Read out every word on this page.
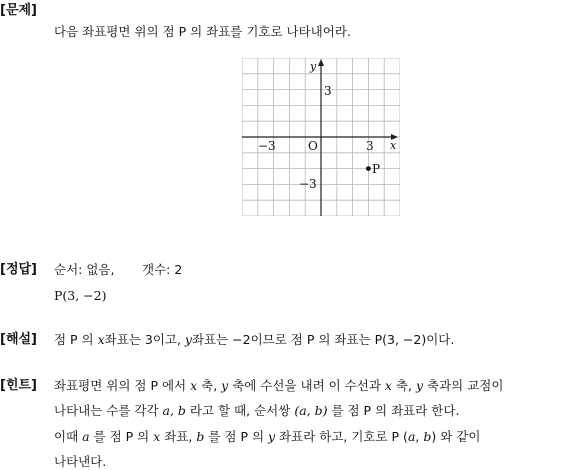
[문제]
다음 좌표평면 위의 점 P 의 좌표를 기호로 나타내어라.
y
x
3
−3	O	3
−3
P
[정답] 순서: 없음, 갯수: 2
P(3, −2)
[해설] 점 P 의 x좌표는 3이고, y좌표는 −2이므로 점 P 의 좌표는 P(3, −2)이다.
[힌트] 좌표평면 위의 점 P 에서 x 축, y 축에 수선을 내려 이 수선과 x 축, y 축과의 교점이
나타내는 수를 각각 a, b 라고 할 때, 순서쌍 (a, b) 를 점 P 의 좌표라 한다.
이때 a 를 점 P 의 x 좌표, b 를 점 P 의 y 좌표라 하고, 기호로 P (a, b) 와 같이
나타낸다.
